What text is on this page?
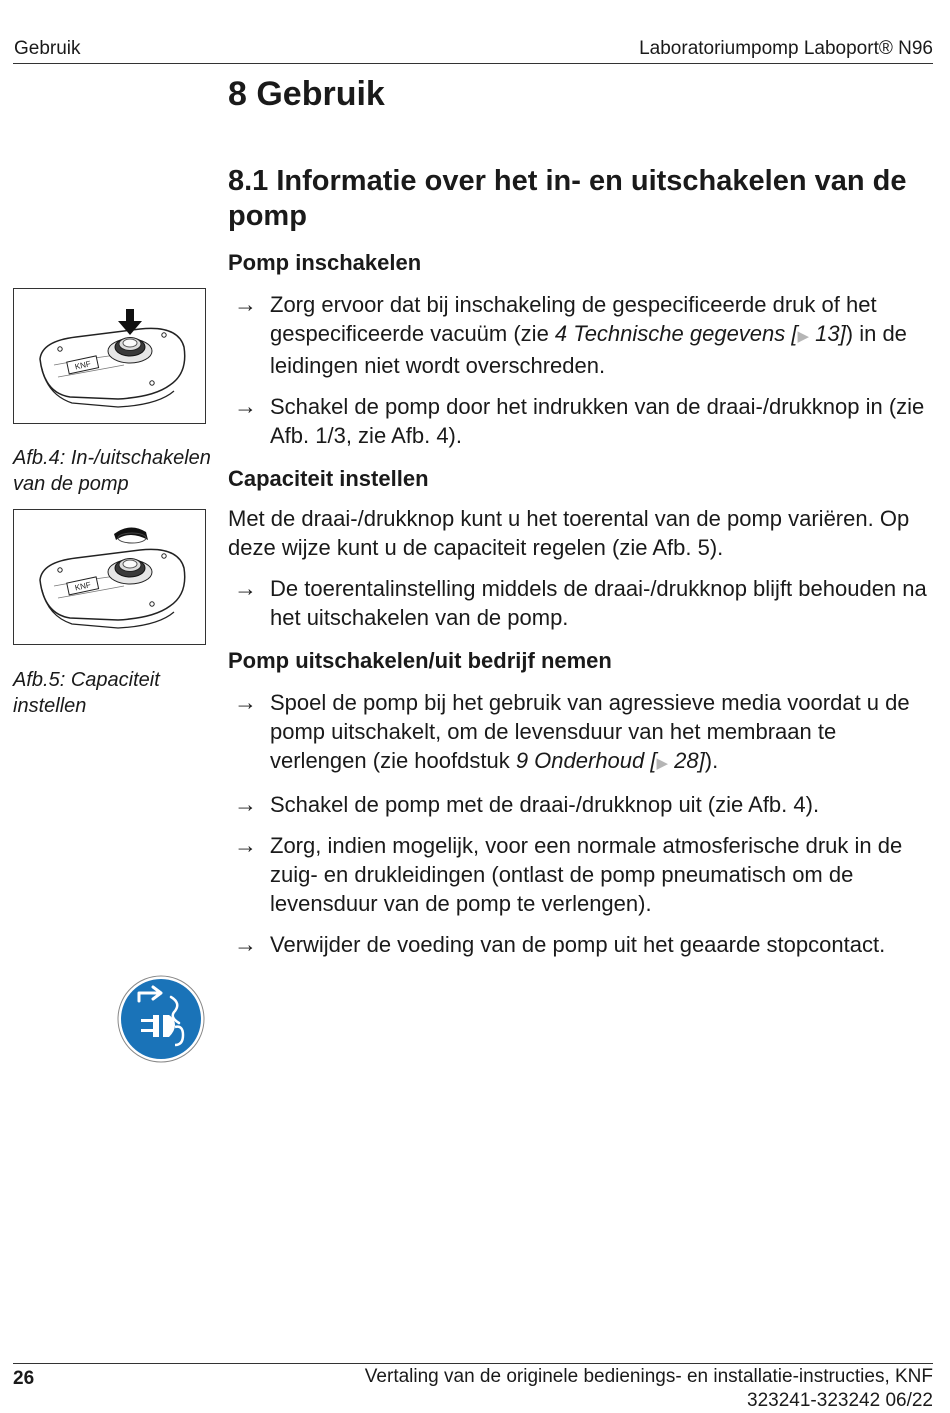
Gebruik	Laboratoriumpomp Laboport® N96
KNF
Afb.4: In-/uitschakelen van de pomp
KNF
Afb.5: Capaciteit instellen
8 Gebruik
8.1 Informatie over het in- en uitschakelen van de pomp
Pomp inschakelen
→ Zorg ervoor dat bij inschakeling de gespecificeerde druk of het gespecificeerde vacuüm (zie 4 Technische gegevens [▶ 13]) in de leidingen niet wordt overschreden.
→ Schakel de pomp door het indrukken van de draai-/drukknop in (zie Afb. 1/3, zie Afb. 4).
Capaciteit instellen
Met de draai-/drukknop kunt u het toerental van de pomp variëren. Op deze wijze kunt u de capaciteit regelen (zie Afb. 5).
→ De toerentalinstelling middels de draai-/drukknop blijft behouden na het uitschakelen van de pomp.
Pomp uitschakelen/uit bedrijf nemen
→ Spoel de pomp bij het gebruik van agressieve media voordat u de pomp uitschakelt, om de levensduur van het membraan te verlengen (zie hoofdstuk 9 Onderhoud [▶ 28]).
→ Schakel de pomp met de draai-/drukknop uit (zie Afb. 4).
→ Zorg, indien mogelijk, voor een normale atmosferische druk in de zuig- en drukleidingen (ontlast de pomp pneumatisch om de levensduur van de pomp te verlengen).
→ Verwijder de voeding van de pomp uit het geaarde stopcontact.
26	Vertaling van de originele bedienings- en installatie-instructies, KNF
323241-323242 06/22
